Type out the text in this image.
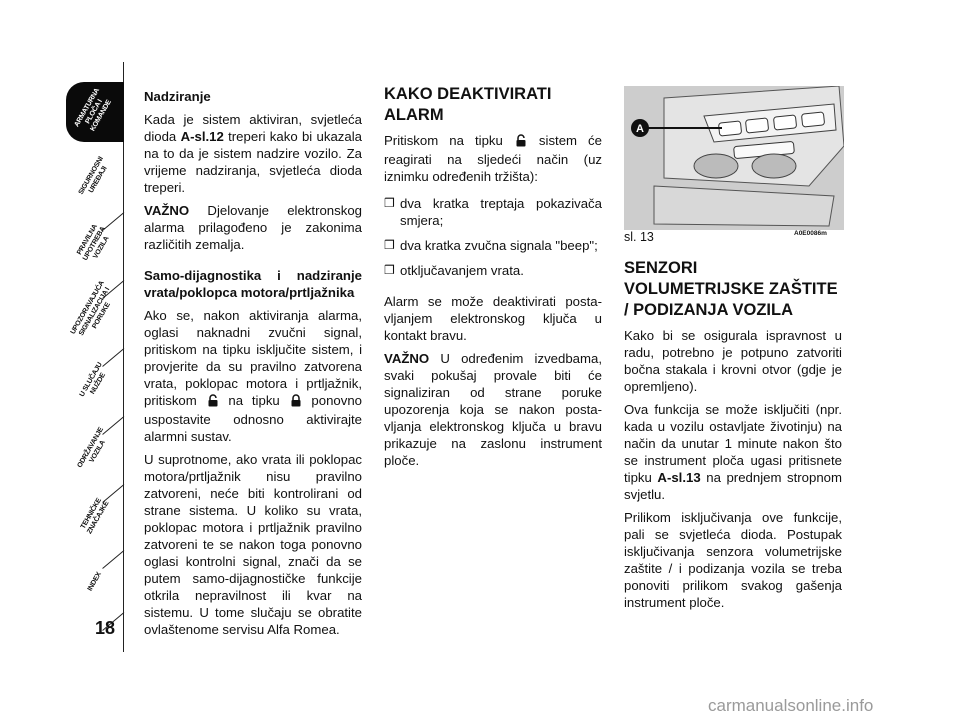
ARMATURNA
PLOČA I
KOMANDE
SIGURNOSNI
UREĐAJI
PRAVILNA
UPOTREBA
VOZILA
UPOZORAVAJUĆA
SIGNALIZACIJA I
PORUKE
U SLUČAJU
NUŽDE
ODRŽAVANJE
VOZILA
TEHNIČKE
ZNAČAJKE
INDEX
18
Nadziranje

Kada je sistem aktiviran, svjetleća dioda A-sl.12 treperi kako bi ukazala na to da je sistem nadzire vozilo. Za vrijeme nadziranja, svjetleća dioda treperi.

VAŽNO Djelovanje elektronskog alarma prilagođeno je zakonima različitih zemalja.

Samo-dijagnostika i nadziranje vrata/poklopca motora/prtljažnika

Ako se, nakon aktiviranja alarma, oglasi naknadni zvučni signal, pritiskom na tipku isključite sistem, i provjerite da su pravilno zatvorena vrata, poklopac motora i prtljažnik, pritiskom  na tipku  ponovno uspostavite odnosno aktivirajte alarmni sustav.

U suprotnome, ako vrata ili poklopac motora/prtljažnik nisu pravilno zatvoreni, neće biti kontrolirani od strane sistema. U koliko su vrata, poklopac motora i prtljažnik pravilno zatvoreni te se nakon toga ponovno oglasi kontrolni signal, znači da se putem samo-dijagnostičke funkcije otkrila nepravilnost ili kvar na sistemu. U tome slučaju se obratite ovlaštenome servisu Alfa Romea.

KAKO DEAKTIVIRATI ALARM

Pritiskom na tipku  sistem će reagirati na sljedeći način (uz iznimku određenih tržišta):

❒ dva kratka treptaja pokazivača smjera;
❒ dva kratka zvučna signala "beep";
❒ otključavanjem vrata.

Alarm se može deaktivirati posta-vljanjem elektronskog ključa u kontakt bravu.

VAŽNO U određenim izvedbama, svaki pokušaj provale biti će signaliziran od strane poruke upozorenja koja se nakon posta-vljanja elektronskog ključa u bravu prikazuje na zaslonu instrument ploče.

A
sl. 13	A0E0086m
SENZORI VOLUMETRIJSKE ZAŠTITE / PODIZANJA VOZILA

Kako bi se osigurala ispravnost u radu, potrebno je potpuno zatvoriti bočna stakala i krovni otvor (gdje je opremljeno).

Ova funkcija se može isključiti (npr. kada u vozilu ostavljate životinju) na način da unutar 1 minute nakon što se instrument ploča ugasi pritisnete tipku A-sl.13 na prednjem stropnom svjetlu.

Prilikom isključivanja ove funkcije, pali se svjetleća dioda. Postupak isključivanja senzora volumetrijske zaštite / i podizanja vozila se treba ponoviti prilikom svakog gašenja instrument ploče.

carmanualsonline.info
